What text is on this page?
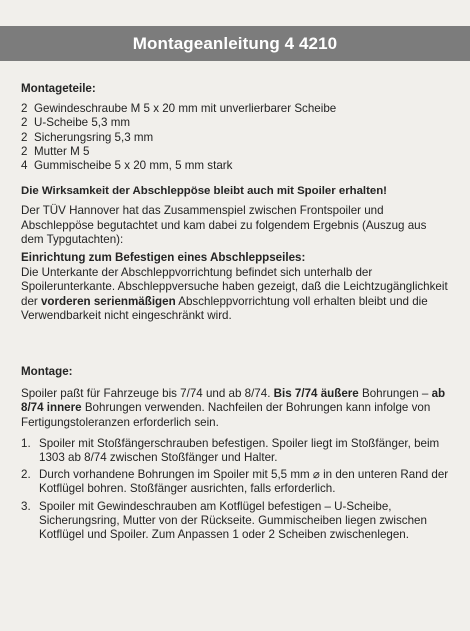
Montageanleitung 4 4210
Montageteile:
2 Gewindeschraube M 5 x 20 mm mit unverlierbarer Scheibe
2 U-Scheibe 5,3 mm
2 Sicherungsring 5,3 mm
2 Mutter M 5
4 Gummischeibe 5 x 20 mm, 5 mm stark
Die Wirksamkeit der Abschleppöse bleibt auch mit Spoiler erhalten!
Der TÜV Hannover hat das Zusammenspiel zwischen Frontspoiler und Abschleppöse begutachtet und kam dabei zu folgendem Ergebnis (Auszug aus dem Typgutachten):
Einrichtung zum Befestigen eines Abschleppseiles:
Die Unterkante der Abschleppvorrichtung befindet sich unterhalb der Spoilerunterkante. Abschleppversuche haben gezeigt, daß die Leichtzugänglichkeit der vorderen serienmäßigen Abschleppvorrichtung voll erhalten bleibt und die Verwendbarkeit nicht eingeschränkt wird.
Montage:
Spoiler paßt für Fahrzeuge bis 7/74 und ab 8/74. Bis 7/74 äußere Bohrungen – ab 8/74 innere Bohrungen verwenden. Nachfeilen der Bohrungen kann infolge von Fertigungstoleranzen erforderlich sein.
1. Spoiler mit Stoßfängerschrauben befestigen. Spoiler liegt im Stoßfänger, beim 1303 ab 8/74 zwischen Stoßfänger und Halter.
2. Durch vorhandene Bohrungen im Spoiler mit 5,5 mm ⌀ in den unteren Rand der Kotflügel bohren. Stoßfänger ausrichten, falls erforderlich.
3. Spoiler mit Gewindeschrauben am Kotflügel befestigen – U-Scheibe, Sicherungsring, Mutter von der Rückseite. Gummischeiben liegen zwischen Kotflügel und Spoiler. Zum Anpassen 1 oder 2 Scheiben zwischenlegen.
